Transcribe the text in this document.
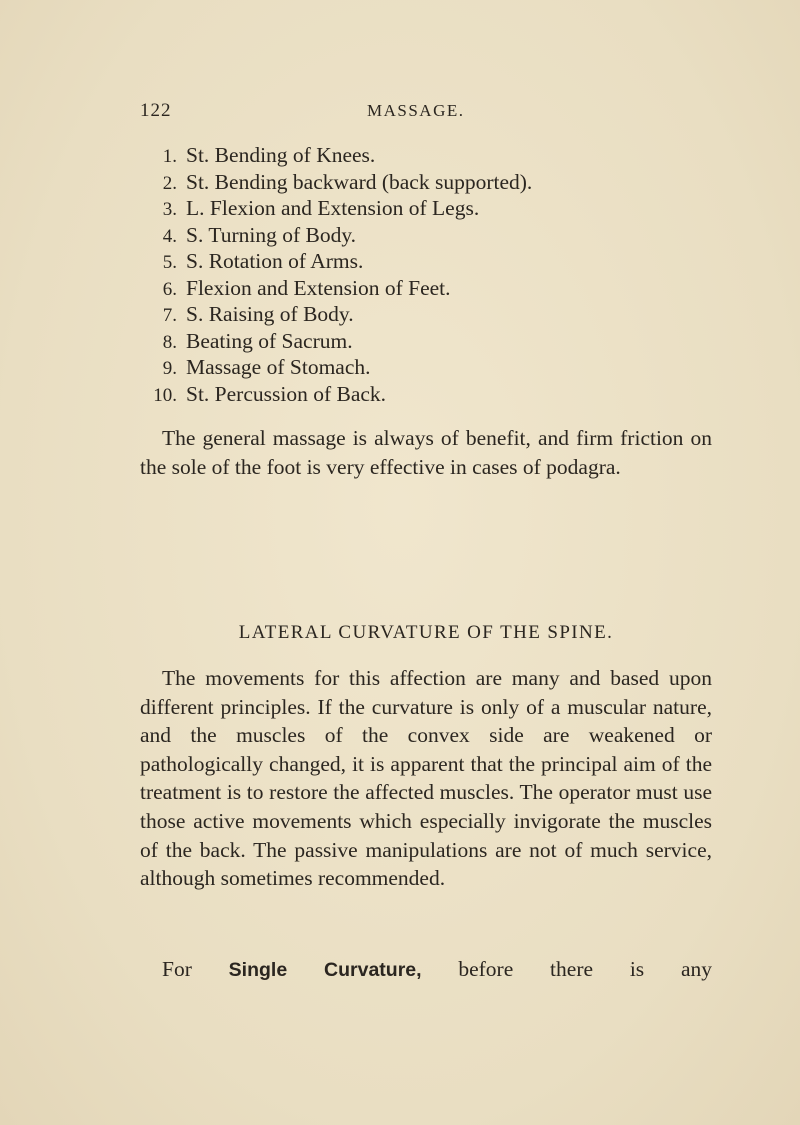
122	MASSAGE.
1. St. Bending of Knees.
2. St. Bending backward (back supported).
3. L. Flexion and Extension of Legs.
4. S. Turning of Body.
5. S. Rotation of Arms.
6. Flexion and Extension of Feet.
7. S. Raising of Body.
8. Beating of Sacrum.
9. Massage of Stomach.
10. St. Percussion of Back.

The general massage is always of benefit, and firm friction on the sole of the foot is very effective in cases of podagra.

LATERAL CURVATURE OF THE SPINE.

The movements for this affection are many and based upon different principles. If the curvature is only of a muscular nature, and the muscles of the convex side are weakened or pathologically changed, it is apparent that the principal aim of the treatment is to restore the affected muscles. The operator must use those active movements which especially invigorate the muscles of the back. The passive manipulations are not of much service, although sometimes recommended.

For Single Curvature, before there is any
